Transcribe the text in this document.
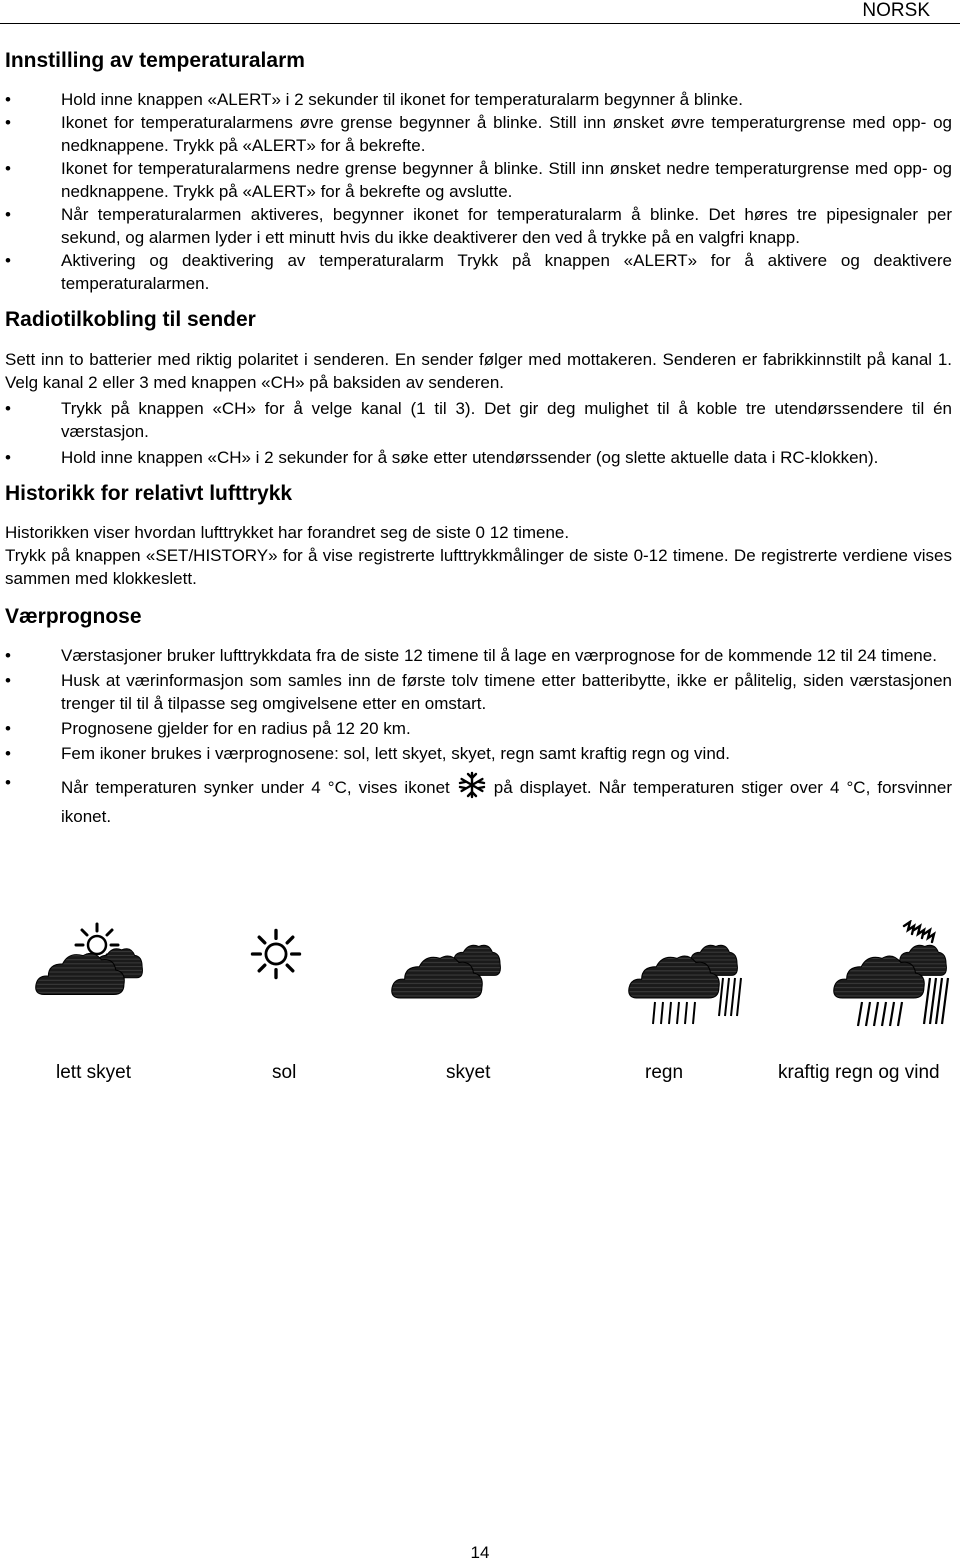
NORSK
Innstilling av temperaturalarm
• Hold inne knappen «ALERT» i 2 sekunder til ikonet for temperaturalarm begynner å blinke.
• Ikonet for temperaturalarmens øvre grense begynner å blinke. Still inn ønsket øvre temperaturgrense med opp- og nedknappene. Trykk på «ALERT» for å bekrefte.
• Ikonet for temperaturalarmens nedre grense begynner å blinke. Still inn ønsket nedre temperaturgrense med opp- og nedknappene. Trykk på «ALERT» for å bekrefte og avslutte.
• Når temperaturalarmen aktiveres, begynner ikonet for temperaturalarm å blinke. Det høres tre pipesignaler per sekund, og alarmen lyder i ett minutt hvis du ikke deaktiverer den ved å trykke på en valgfri knapp.
• Aktivering og deaktivering av temperaturalarm Trykk på knappen «ALERT» for å aktivere og deaktivere temperaturalarmen.
Radiotilkobling til sender

Sett inn to batterier med riktig polaritet i senderen. En sender følger med mottakeren. Senderen er fabrikkinnstilt på kanal 1. Velg kanal 2 eller 3 med knappen «CH» på baksiden av senderen.

• Trykk på knappen «CH» for å velge kanal (1 til 3). Det gir deg mulighet til å koble tre utendørssendere til én værstasjon.
• Hold inne knappen «CH» i 2 sekunder for å søke etter utendørssender (og slette aktuelle data i RC-klokken).
Historikk for relativt lufttrykk

Historikken viser hvordan lufttrykket har forandret seg de siste 0 12 timene.

Trykk på knappen «SET/HISTORY» for å vise registrerte lufttrykkmålinger de siste 0-12 timene. De registrerte verdiene vises sammen med klokkeslett.

Værprognose
• Værstasjoner bruker lufttrykkdata fra de siste 12 timene til å lage en værprognose for de kommende 12 til 24 timene.
• Husk at værinformasjon som samles inn de første tolv timene etter batteribytte, ikke er pålitelig, siden værstasjonen trenger til til å tilpasse seg omgivelsene etter en omstart.
• Prognosene gjelder for en radius på 12 20 km.
• Fem ikoner brukes i værprognosene: sol, lett skyet, skyet, regn samt kraftig regn og vind.
• Når temperaturen synker under 4 °C, vises ikonet	på displayet. Når temperaturen stiger over 4 °C, forsvinner ikonet.
lett skyet	sol	skyet	regn	kraftig regn og vind
14
